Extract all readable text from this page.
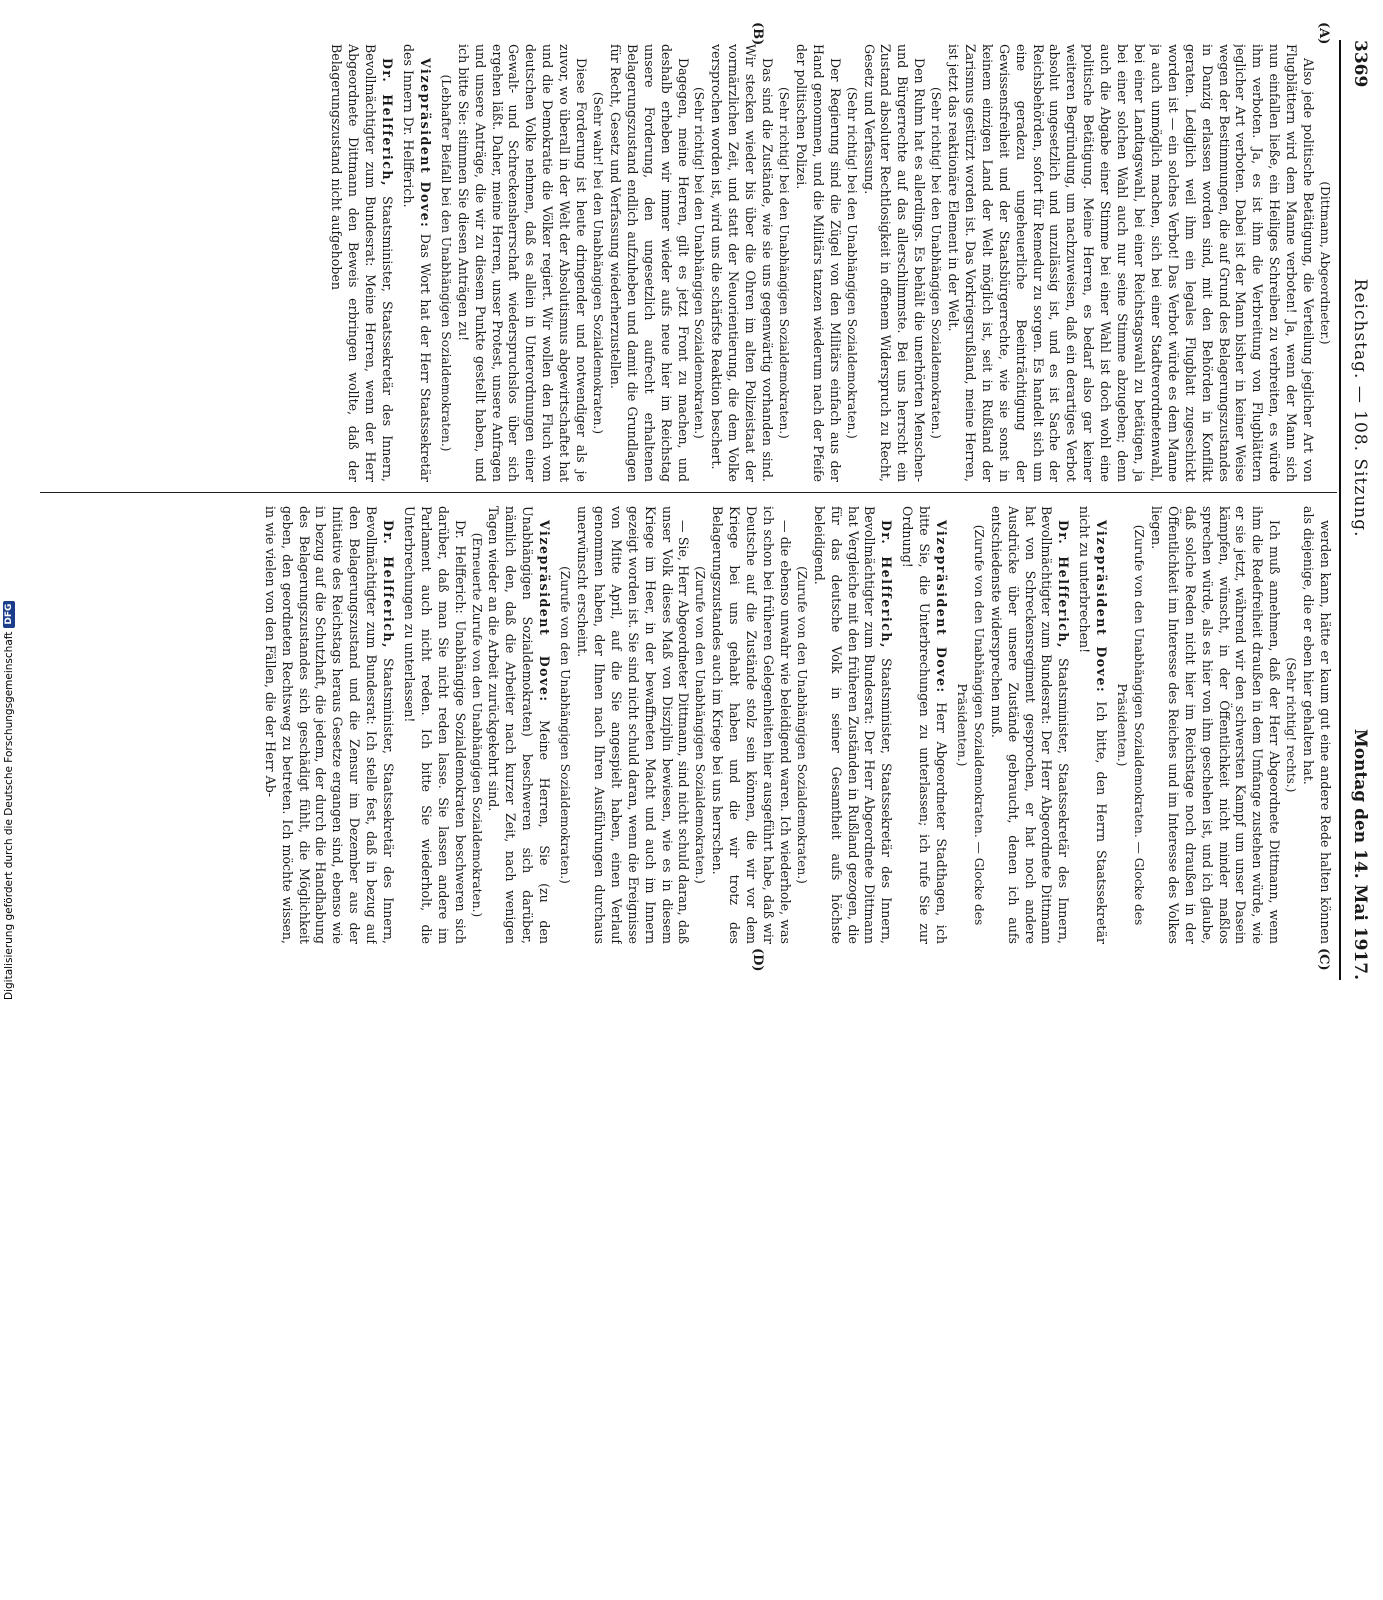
3369
Reichstag. — 108. Sitzung.
Montag den 14. Mai 1917.
(A)
(B)
(C)
(D)

(Dittmann, Abgeordneter.)

Also jede politische Betätigung, die Verteilung jeglicher Art von Flugblättern wird dem Manne verboten! Ja, wenn der Mann sich nun einfallen ließe, ein Heiliges Schreiben zu verbreiten, es würde ihm verboten. Ja, es ist ihm die Verbreitung von Flugblättern jeglicher Art verboten. Dabei ist der Mann bisher in keiner Weise wegen der Bestimmungen, die auf Grund des Belagerungszustandes in Danzig erlassen worden sind, mit den Behörden in Konflikt geraten. Lediglich weil ihm ein legales Flugblatt zugeschickt worden ist — ein solches Verbot! Das Verbot würde es dem Manne ja auch unmöglich machen, sich bei einer Stadtverordnetenwahl, bei einer Landtagswahl, bei einer Reichstagswahl zu betätigen, ja bei einer solchen Wahl auch nur seine Stimme abzugeben; denn auch die Abgabe einer Stimme bei einer Wahl ist doch wohl eine politische Betätigung. Meine Herren, es bedarf also gar keiner weiteren Begründung, um nachzuweisen, daß ein derartiges Verbot absolut ungesetzlich und unzulässig ist, und es ist Sache der Reichsbehörden, sofort für Remedur zu sorgen. Es handelt sich um eine geradezu ungeheuerliche Beeinträchtigung der Gewissensfreiheit und der Staatsbürgerrechte, wie sie sonst in keinem einzigen Land der Welt möglich ist, seit in Rußland der Zarismus gestürzt worden ist. Das Vorkriegsrußland, meine Herren, ist jetzt das reaktionäre Element in der Welt.

(Sehr richtig! bei den Unabhängigen Sozialdemokraten.)

Den Ruhm hat es allerdings. Es behält die unerhörten Menschen- und Bürgerrechte auf das allerschlimmste. Bei uns herrscht ein Zustand absoluter Rechtlosigkeit in offenem Widerspruch zu Recht, Gesetz und Verfassung.

(Sehr richtig! bei den Unabhängigen Sozialdemokraten.)

Der Regierung sind die Zügel von den Militärs einfach aus der Hand genommen, und die Militärs tanzen wiederum nach der Pfeife der politischen Polizei.

(Sehr richtig! bei den Unabhängigen Sozialdemokraten.)

Das sind die Zustände, wie sie uns gegenwärtig vorhanden sind. Wir stecken wieder bis über die Ohren im alten Polizeistaat der vormärzlichen Zeit, und statt der Neuorientierung, die dem Volke versprochen worden ist, wird uns die schärfste Reaktion beschert.

(Sehr richtig! bei den Unabhängigen Sozialdemokraten.)

Dagegen, meine Herren, gilt es jetzt Front zu machen, und deshalb erheben wir immer wieder aufs neue hier im Reichstag unsere Forderung, den ungesetzlich aufrecht erhaltenen Belagerungszustand endlich aufzuheben und damit die Grundlagen für Recht, Gesetz und Verfassung wiederherzustellen.

(Sehr wahr! bei den Unabhängigen Sozialdemokraten.)

Diese Forderung ist heute dringender und notwendiger als je zuvor, wo überall in der Welt der Absolutismus abgewirtschaftet hat und die Demokratie die Völker regiert. Wir wollen den Fluch vom deutschen Volke nehmen, daß es allein in Unterordnungen einer Gewalt- und Schreckensherrschaft wiederspruchslos über sich ergehen läßt. Daher, meine Herren, unser Protest, unsere Anfragen und unsere Anträge, die wir zu diesem Punkte gestellt haben, und ich bitte Sie: stimmen Sie diesen Anträgen zu!

(Lebhafter Beifall bei den Unabhängigen Sozialdemokraten.)

Vizepräsident Dove: Das Wort hat der Herr Staatssekretär des Innern Dr. Helfferich.

Dr. Helfferich, Staatsminister, Staatssekretär des Innern, Bevollmächtigter zum Bundesrat: Meine Herren, wenn der Herr Abgeordnete Dittmann den Beweis erbringen wollte, daß der Belagerungszustand nicht aufgehoben

werden kann, hätte er kaum gut eine andere Rede halten können als diejenige, die er eben hier gehalten hat.

(Sehr richtig! rechts.)

Ich muß annehmen, daß der Herr Abgeordnete Dittmann, wenn ihm die Redefreiheit draußen in dem Umfange zustehen würde, wie er sie jetzt, während wir den schwersten Kampf um unser Dasein kämpfen, wünscht, in der Öffentlichkeit nicht minder maßlos sprechen würde, als es hier von ihm geschehen ist, und ich glaube, daß solche Reden nicht hier im Reichstage noch draußen in der Öffentlichkeit im Interesse des Reiches und im Interesse des Volkes liegen.

(Zurufe von den Unabhängigen Sozialdemokraten. — Glocke des Präsidenten.)

Vizepräsident Dove: Ich bitte, den Herrn Staatssekretär nicht zu unterbrechen!

Dr. Helfferich, Staatsminister, Staatssekretär des Innern, Bevollmächtigter zum Bundesrat: Der Herr Abgeordnete Dittmann hat von Schreckensregiment gesprochen, er hat noch andere Ausdrücke über unsere Zustände gebraucht, denen ich aufs entschiedenste widersprechen muß.

(Zurufe von den Unabhängigen Sozialdemokraten. — Glocke des Präsidenten.)

Vizepräsident Dove: Herr Abgeordneter Stadthagen, ich bitte Sie, die Unterbrechungen zu unterlassen; ich rufe Sie zur Ordnung!

Dr. Helfferich, Staatsminister, Staatssekretär des Innern, Bevollmächtigter zum Bundesrat: Der Herr Abgeordnete Dittmann hat Vergleiche mit den früheren Zuständen in Rußland gezogen, die für das deutsche Volk in seiner Gesamtheit aufs höchste beleidigend.

(Zurufe von den Unabhängigen Sozialdemokraten.)

— die ebenso unwahr wie beleidigend waren. Ich wiederhole, was ich schon bei früheren Gelegenheiten hier ausgeführt habe, daß wir Deutsche auf die Zustände stolz sein können, die wir vor dem Kriege bei uns gehabt haben und die wir trotz des Belagerungszustandes auch im Kriege bei uns herrschen.

(Zurufe von den Unabhängigen Sozialdemokraten.)

— Sie, Herr Abgeordneter Dittmann, sind nicht schuld daran, daß unser Volk dieses Maß von Disziplin bewiesen, wie es in diesem Kriege im Heer, in der bewaffneten Macht und auch im Innern gezeigt worden ist. Sie sind nicht schuld daran, wenn die Ereignisse von Mitte April, auf die Sie angespielt haben, einen Verlauf genommen haben, der Ihnen nach Ihren Ausführungen durchaus unerwünscht erscheint.

(Zurufe von den Unabhängigen Sozialdemokraten.)

Vizepräsident Dove: Meine Herren, Sie (zu den Unabhängigen Sozialdemokraten) beschweren sich darüber, nämlich den, daß die Arbeiter nach kurzer Zeit, nach wenigen Tagen wieder an die Arbeit zurückgekehrt sind.

(Erneuerte Zurufe von den Unabhängigen Sozialdemokraten.)

Dr. Helfferich: Unabhängige Sozialdemokraten beschweren sich darüber, daß man Sie nicht reden lasse. Sie lassen andere im Parlament auch nicht reden. Ich bitte Sie wiederholt, die Unterbrechungen zu unterlassen!

Dr. Helfferich, Staatsminister, Staatssekretär des Innern, Bevollmächtigter zum Bundesrat: Ich stelle fest, daß in bezug auf den Belagerungszustand und die Zensur im Dezember aus der Initiative des Reichstags heraus Gesetze ergangen sind, ebenso wie in bezug auf die Schutzhaft, die jedem, der durch die Handhabung des Belagerungszustandes sich geschädigt fühlt, die Möglichkeit geben, den geordneten Rechtsweg zu betreten. Ich möchte wissen, in wie vielen von den Fällen, die der Herr Ab-

Digitalisierung gefördert durch die Deutsche Forschungsgemeinschaft
DFG
